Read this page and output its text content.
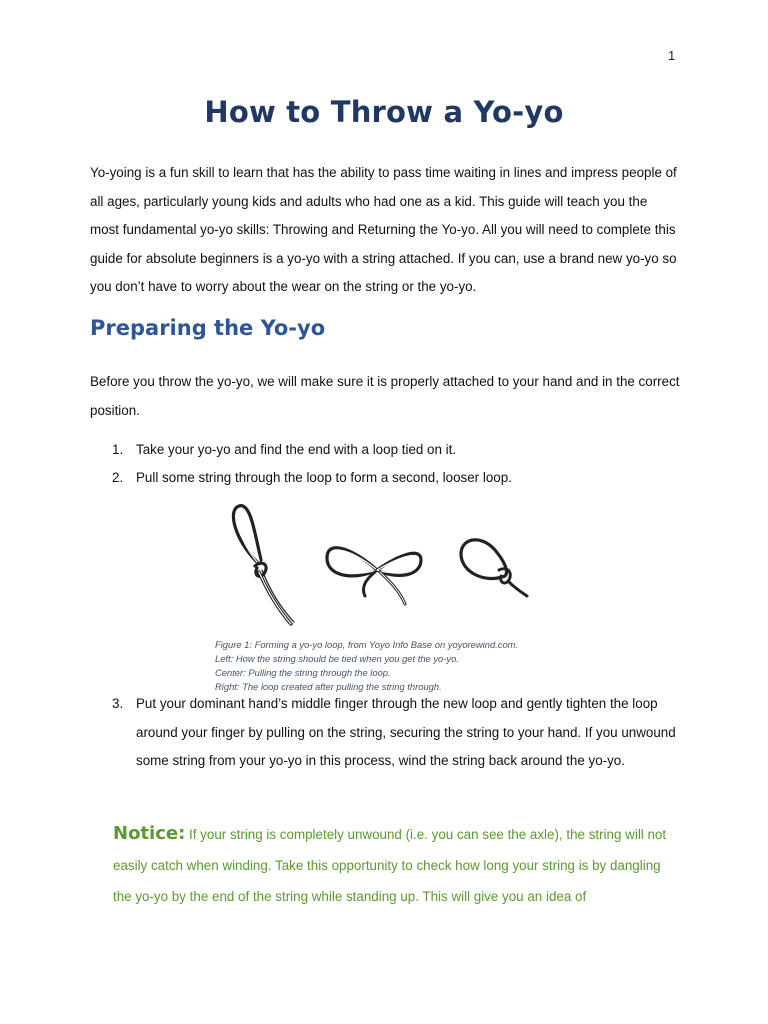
1
How to Throw a Yo-yo

Yo-yoing is a fun skill to learn that has the ability to pass time waiting in lines and impress people of all ages, particularly young kids and adults who had one as a kid. This guide will teach you the most fundamental yo-yo skills: Throwing and Returning the Yo-yo. All you will need to complete this guide for absolute beginners is a yo-yo with a string attached. If you can, use a brand new yo-yo so you don’t have to worry about the wear on the string or the yo-yo.

Preparing the Yo-yo

Before you throw the yo-yo, we will make sure it is properly attached to your hand and in the correct position.

1. Take your yo-yo and find the end with a loop tied on it.
2. Pull some string through the loop to form a second, looser loop.
Figure 1: Forming a yo-yo loop, from Yoyo Info Base on yoyorewind.com.
Left: How the string should be tied when you get the yo-yo.
Center: Pulling the string through the loop.
Right: The loop created after pulling the string through.
3. Put your dominant hand’s middle finger through the new loop and gently tighten the loop around your finger by pulling on the string, securing the string to your hand. If you unwound some string from your yo-yo in this process, wind the string back around the yo-yo.
Notice: If your string is completely unwound (i.e. you can see the axle), the string will not easily catch when winding. Take this opportunity to check how long your string is by dangling the yo-yo by the end of the string while standing up. This will give you an idea of
